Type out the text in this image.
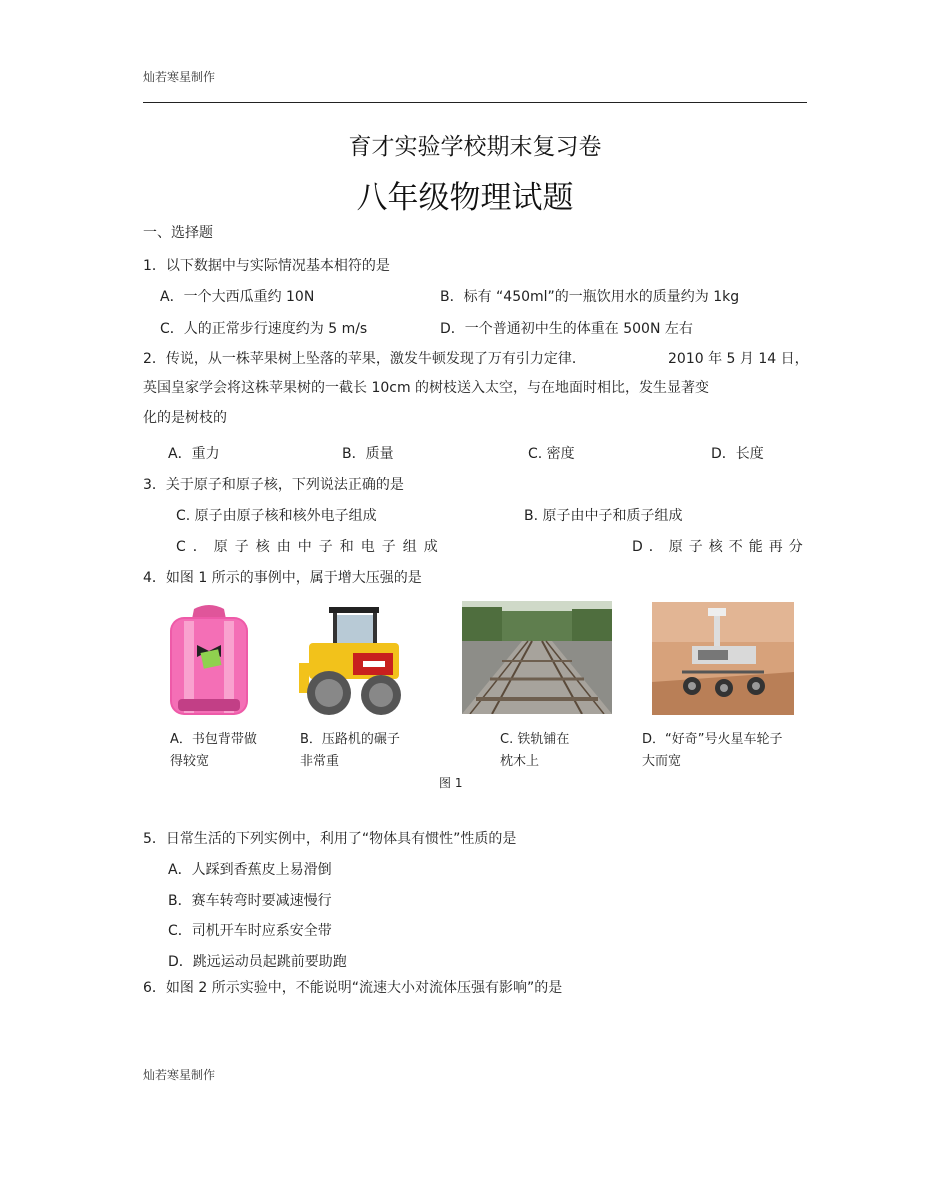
灿若寒星制作
育才实验学校期末复习卷
八年级物理试题
一、选择题
1．以下数据中与实际情况基本相符的是
A．一个大西瓜重约 10N	B．标有 “450ml”的一瓶饮用水的质量约为 1kg
C．人的正常步行速度约为 5 m/s	D．一个普通初中生的体重在 500N 左右
2．传说，从一株苹果树上坠落的苹果，激发牛顿发现了万有引力定律．	2010 年 5 月 14 日，
英国皇家学会将这株苹果树的一截长 10cm 的树枝送入太空，与在地面时相比，发生显著变
化的是树枝的
A．重力	B．质量	C. 密度	D．长度
3．关于原子和原子核，下列说法正确的是
C. 原子由原子核和核外电子组成	B. 原子由中子和质子组成
C．原子核由中子和电子组成	D．原子核不能再分
4．如图 1 所示的事例中，属于增大压强的是
A．书包背带做得较宽
B．压路机的碾子非常重
C. 铁轨铺在枕木上
D．“好奇”号火星车轮子大而宽
图 1
5．日常生活的下列实例中，利用了“物体具有惯性”性质的是
A．人踩到香蕉皮上易滑倒
B．赛车转弯时要减速慢行
C．司机开车时应系安全带
D．跳远运动员起跳前要助跑
6．如图 2 所示实验中，不能说明“流速大小对流体压强有影响”的是
灿若寒星制作
